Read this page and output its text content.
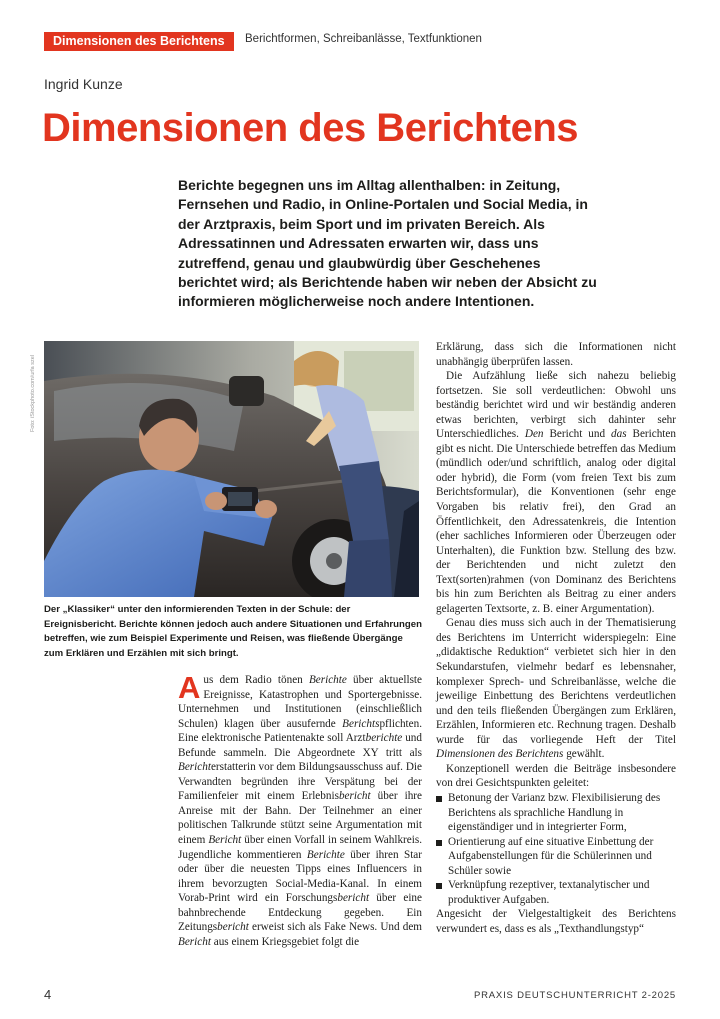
Dimensionen des Berichtens	Berichtformen, Schreibanlässe, Textfunktionen
Ingrid Kunze
Dimensionen des Berichtens

Berichte begegnen uns im Alltag allenthalben: in Zeitung, Fernsehen und Radio, in Online-Portalen und Social Media, in der Arztpraxis, beim Sport und im privaten Bereich. Als Adressatinnen und Adressaten erwarten wir, dass uns zutreffend, genau und glaubwürdig über Geschehenes berichtet wird; als Berichtende haben wir neben der Absicht zu informieren möglicherweise noch andere Intentionen.

Foto: iStockphoto.com/urfa szel

Der „Klassiker“ unter den informierenden Texten in der Schule: der Ereignisbericht. Berichte können jedoch auch andere Situationen und Erfahrungen betreffen, wie zum Beispiel Experimente und Reisen, was fließende Übergänge zum Erklären und Erzählen mit sich bringt.

Aus dem Radio tönen Berichte über aktuellste Ereignisse, Katastrophen und Sportergebnisse. Unternehmen und Institutionen (einschließlich Schulen) klagen über ausufernde Berichtspflichten. Eine elektronische Patientenakte soll Arztberichte und Befunde sammeln. Die Abgeordnete XY tritt als Berichterstatterin vor dem Bildungsausschuss auf. Die Verwandten begründen ihre Verspätung bei der Familienfeier mit einem Erlebnisbericht über ihre Anreise mit der Bahn. Der Teilnehmer an einer politischen Talkrunde stützt seine Argumentation mit einem Bericht über einen Vorfall in seinem Wahlkreis. Jugendliche kommentieren Berichte über ihren Star oder über die neuesten Tipps eines Influencers in ihrem bevorzugten Social-Media-Kanal. In einem Vorab-Print wird ein Forschungsbericht über eine bahnbrechende Entdeckung gegeben. Ein Zeitungsbericht erweist sich als Fake News. Und dem Bericht aus einem Kriegsgebiet folgt die

Erklärung, dass sich die Informationen nicht unabhängig überprüfen lassen.

Die Aufzählung ließe sich nahezu beliebig fortsetzen. Sie soll verdeutlichen: Obwohl uns beständig berichtet wird und wir beständig anderen etwas berichten, verbirgt sich dahinter sehr Unterschiedliches. Den Bericht und das Berichten gibt es nicht. Die Unterschiede betreffen das Medium (mündlich oder/und schriftlich, analog oder digital oder hybrid), die Form (vom freien Text bis zum Berichtsformular), die Konventionen (sehr enge Vorgaben bis relativ frei), den Grad an Öffentlichkeit, den Adressatenkreis, die Intention (eher sachliches Informieren oder Überzeugen oder Unterhalten), die Funktion bzw. Stellung des bzw. der Berichtenden und nicht zuletzt den Text(sorten)rahmen (von Dominanz des Berichtens bis hin zum Berichten als Beitrag zu einer anders gelagerten Textsorte, z. B. einer Argumentation).

Genau dies muss sich auch in der Thematisierung des Berichtens im Unterricht widerspiegeln: Eine „didaktische Reduktion“ verbietet sich hier in den Sekundarstufen, vielmehr bedarf es lebensnaher, komplexer Sprech- und Schreibanlässe, welche die jeweilige Einbettung des Berichtens verdeutlichen und den teils fließenden Übergängen zum Erklären, Erzählen, Informieren etc. Rechnung tragen. Deshalb wurde für das vorliegende Heft der Titel Dimensionen des Berichtens gewählt.

Konzeptionell werden die Beiträge insbesondere von drei Gesichtspunkten geleitet:

Betonung der Varianz bzw. Flexibilisierung des Berichtens als sprachliche Handlung in eigenständiger und in integrierter Form,
Orientierung auf eine situative Einbettung der Aufgabenstellungen für die Schülerinnen und Schüler sowie
Verknüpfung rezeptiver, textanalytischer und produktiver Aufgaben.

Angesicht der Vielgestaltigkeit des Berichtens verwundert es, dass es als „Texthandlungstyp“

4	PRAXIS DEUTSCHUNTERRICHT 2-2025
